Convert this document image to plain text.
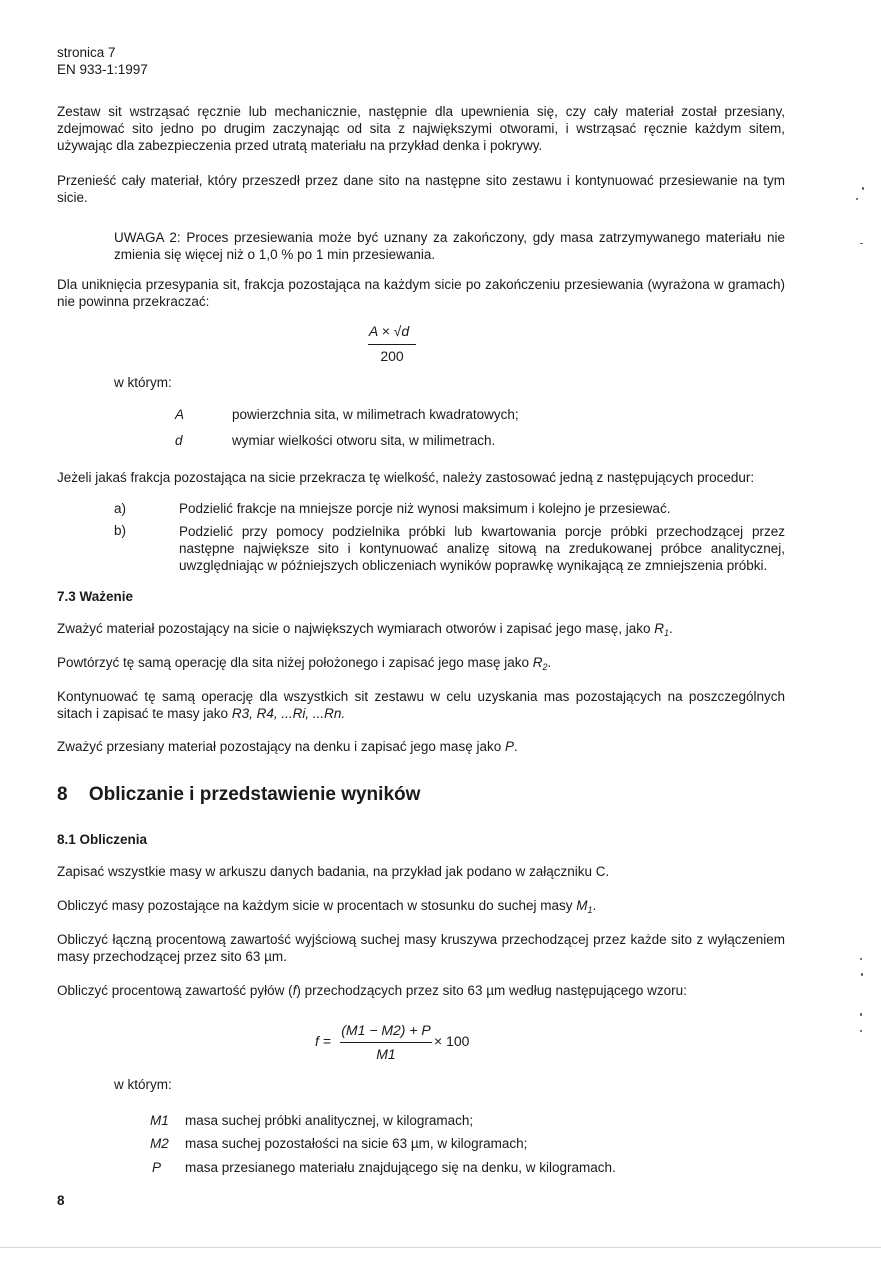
stronica 7
EN 933-1:1997
Zestaw sit wstrząsać ręcznie lub mechanicznie, następnie dla upewnienia się, czy cały materiał został przesiany, zdejmować sito jedno po drugim zaczynając od sita z największymi otworami, i wstrząsać ręcznie każdym sitem, używając dla zabezpieczenia przed utratą materiału na przykład denka i pokrywy.
Przenieść cały materiał, który przeszedł przez dane sito na następne sito zestawu i kontynuować przesiewanie na tym sicie.
UWAGA 2: Proces przesiewania może być uznany za zakończony, gdy masa zatrzymywanego materiału nie zmienia się więcej niż o 1,0 % po 1 min przesiewania.
Dla uniknięcia przesypania sit, frakcja pozostająca na każdym sicie po zakończeniu przesiewania (wyrażona w gramach) nie powinna przekraczać:
A × √d
200
w którym:
A	powierzchnia sita, w milimetrach kwadratowych;
d	wymiar wielkości otworu sita, w milimetrach.
Jeżeli jakaś frakcja pozostająca na sicie przekracza tę wielkość, należy zastosować jedną z następujących procedur:
a)	Podzielić frakcje na mniejsze porcje niż wynosi maksimum i kolejno je przesiewać.
b)	Podzielić przy pomocy podzielnika próbki lub kwartowania porcje próbki przechodzącej przez następne największe sito i kontynuować analizę sitową na zredukowanej próbce analitycznej, uwzględniając w późniejszych obliczeniach wyników poprawkę wynikającą ze zmniejszenia próbki.
7.3 Ważenie
Zważyć materiał pozostający na sicie o największych wymiarach otworów i zapisać jego masę, jako $R_1$.
Powtórzyć tę samą operację dla sita niżej położonego i zapisać jego masę jako $R_2$.
Kontynuować tę samą operację dla wszystkich sit zestawu w celu uzyskania mas pozostających na poszczególnych sitach i zapisać te masy jako R3, R4, ...Ri, ...Rn.
Zważyć przesiany materiał pozostający na denku i zapisać jego masę jako P.
8 Obliczanie i przedstawienie wyników
8.1 Obliczenia
Zapisać wszystkie masy w arkuszu danych badania, na przykład jak podano w załączniku C.
Obliczyć masy pozostające na każdym sicie w procentach w stosunku do suchej masy $M_1$.
Obliczyć łączną procentową zawartość wyjściową suchej masy kruszywa przechodzącej przez każde sito z wyłączeniem masy przechodzącej przez sito 63 µm.
Obliczyć procentową zawartość pyłów (f) przechodzących przez sito 63 µm według następującego wzoru:
f =
(M1 − M2) + P
M1
× 100
w którym:
M1 masa suchej próbki analitycznej, w kilogramach;
M2 masa suchej pozostałości na sicie 63 µm, w kilogramach;
P masa przesianego materiału znajdującego się na denku, w kilogramach.
8
